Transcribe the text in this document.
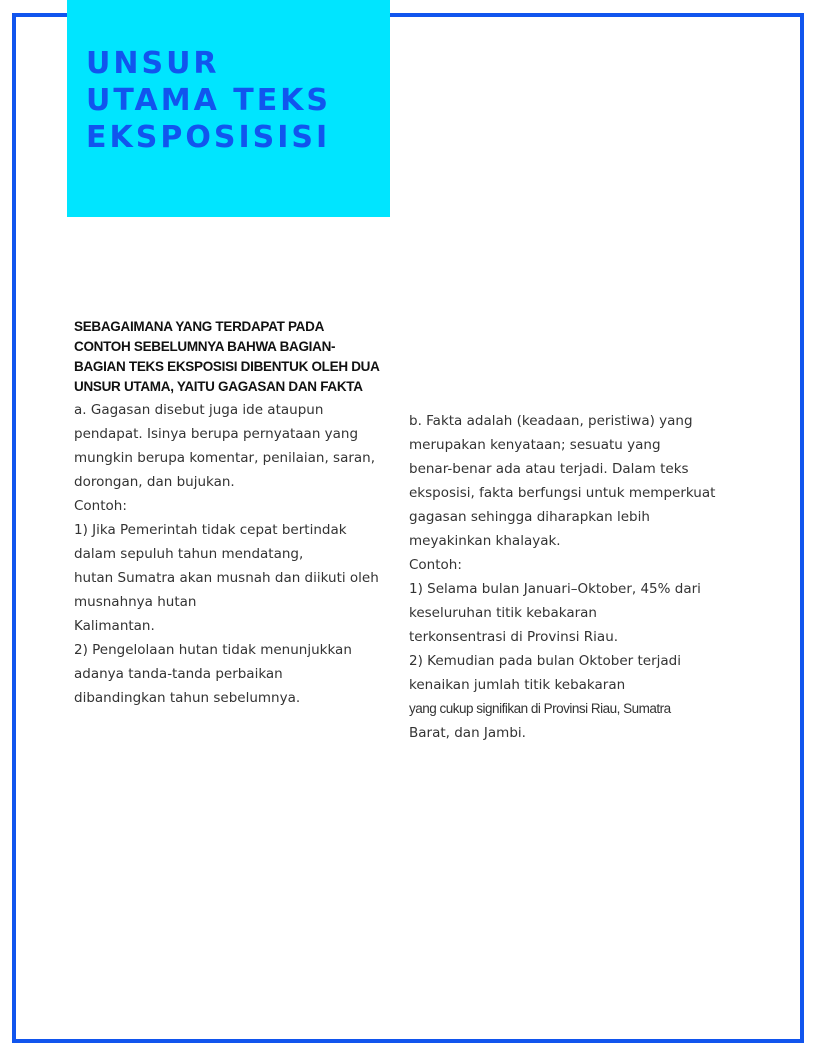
UNSUR
UTAMA TEKS
EKSPOSISISI

SEBAGAIMANA YANG TERDAPAT PADA
CONTOH SEBELUMNYA BAHWA BAGIAN-
BAGIAN TEKS EKSPOSISI DIBENTUK OLEH DUA
UNSUR UTAMA, YAITU GAGASAN DAN FAKTA

a. Gagasan disebut juga ide ataupun
pendapat. Isinya berupa pernyataan yang
mungkin berupa komentar, penilaian, saran,
dorongan, dan bujukan.
Contoh:
1) Jika Pemerintah tidak cepat bertindak
dalam sepuluh tahun mendatang,
hutan Sumatra akan musnah dan diikuti oleh
musnahnya hutan
Kalimantan.
2) Pengelolaan hutan tidak menunjukkan
adanya tanda-tanda perbaikan
dibandingkan tahun sebelumnya.
b. Fakta adalah (keadaan, peristiwa) yang
merupakan kenyataan; sesuatu yang
benar-benar ada atau terjadi. Dalam teks
eksposisi, fakta berfungsi untuk memperkuat
gagasan sehingga diharapkan lebih
meyakinkan khalayak.
Contoh:
1) Selama bulan Januari–Oktober, 45% dari
keseluruhan titik kebakaran
terkonsentrasi di Provinsi Riau.
2) Kemudian pada bulan Oktober terjadi
kenaikan jumlah titik kebakaran
yang cukup signifikan di Provinsi Riau, Sumatra
Barat, dan Jambi.
